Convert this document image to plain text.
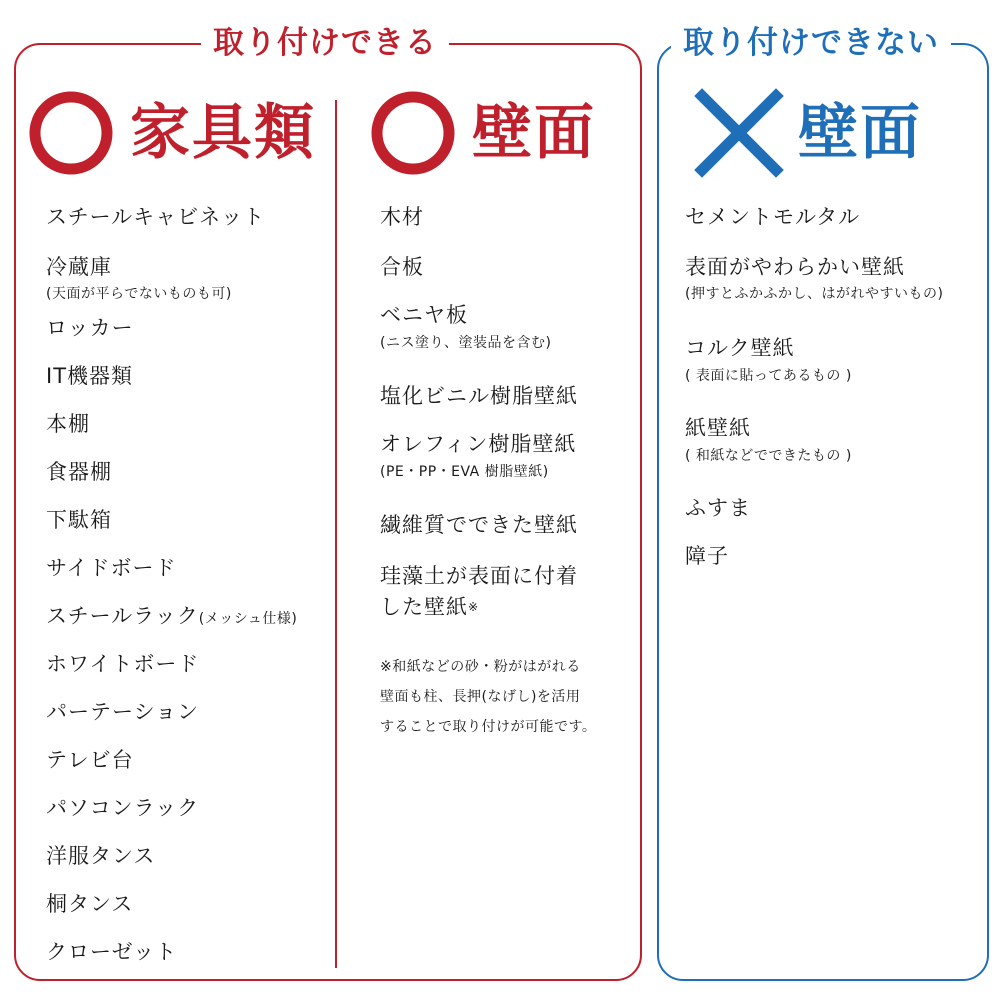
取り付けできる
家具類	壁面
スチールキャビネット
冷蔵庫
(天面が平らでないものも可)
ロッカー
IT機器類
本棚
食器棚
下駄箱
サイドボード
スチールラック(メッシュ仕様)
ホワイトボード
パーテーション
テレビ台
パソコンラック
洋服タンス
桐タンス
クローゼット
木材
合板
ベニヤ板
(ニス塗り、塗装品を含む)
塩化ビニル樹脂壁紙
オレフィン樹脂壁紙
(PE・PP・EVA 樹脂壁紙)
繊維質でできた壁紙
珪藻土が表面に付着
した壁紙※
※和紙などの砂・粉がはがれる
壁面も柱、長押(なげし)を活用
することで取り付けが可能です。
取り付けできない
壁面
セメントモルタル
表面がやわらかい壁紙
(押すとふかふかし、はがれやすいもの)
コルク壁紙
( 表面に貼ってあるもの )
紙壁紙
( 和紙などでできたもの )
ふすま
障子
